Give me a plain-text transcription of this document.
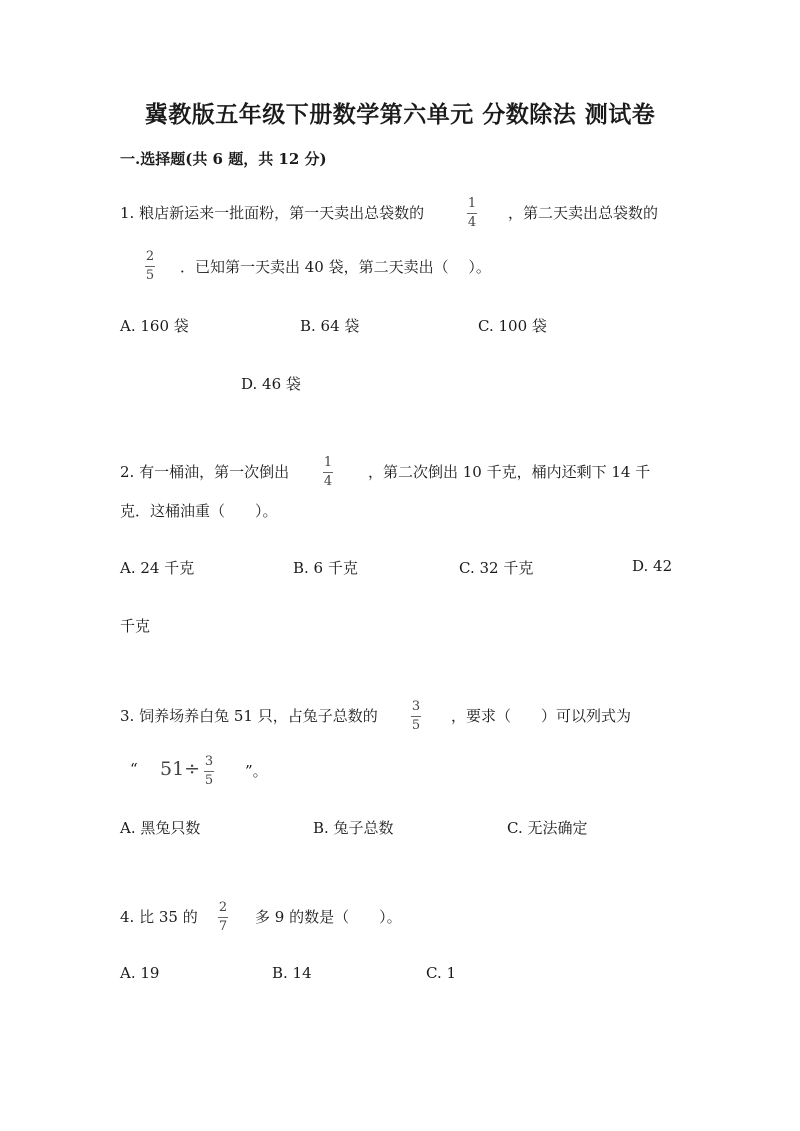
冀教版五年级下册数学第六单元 分数除法 测试卷
一.选择题(共 6 题，共 12 分)
1. 粮店新运来一批面粉，第一天卖出总袋数的
1
4
，第二天卖出总袋数的
2
5 ．已知第一天卖出 40 袋，第二天卖出（　 ）。
A. 160 袋	B. 64 袋	C. 100 袋
D. 46 袋
2. 有一桶油，第一次倒出
1
4
，第二次倒出 10 千克，桶内还剩下 14 千
克．这桶油重（　　）。
A. 24 千克	B. 6 千克	C. 32 千克	D. 42
千克
3. 饲养场养白兔 51 只，占兔子总数的
3
5
，要求（　　）可以列式为
“ 51÷ 3
5
”。
A. 黑兔只数	B. 兔子总数	C. 无法确定
4. 比 35 的
2
7
多 9 的数是（　　）。
A. 19	B. 14	C. 1
